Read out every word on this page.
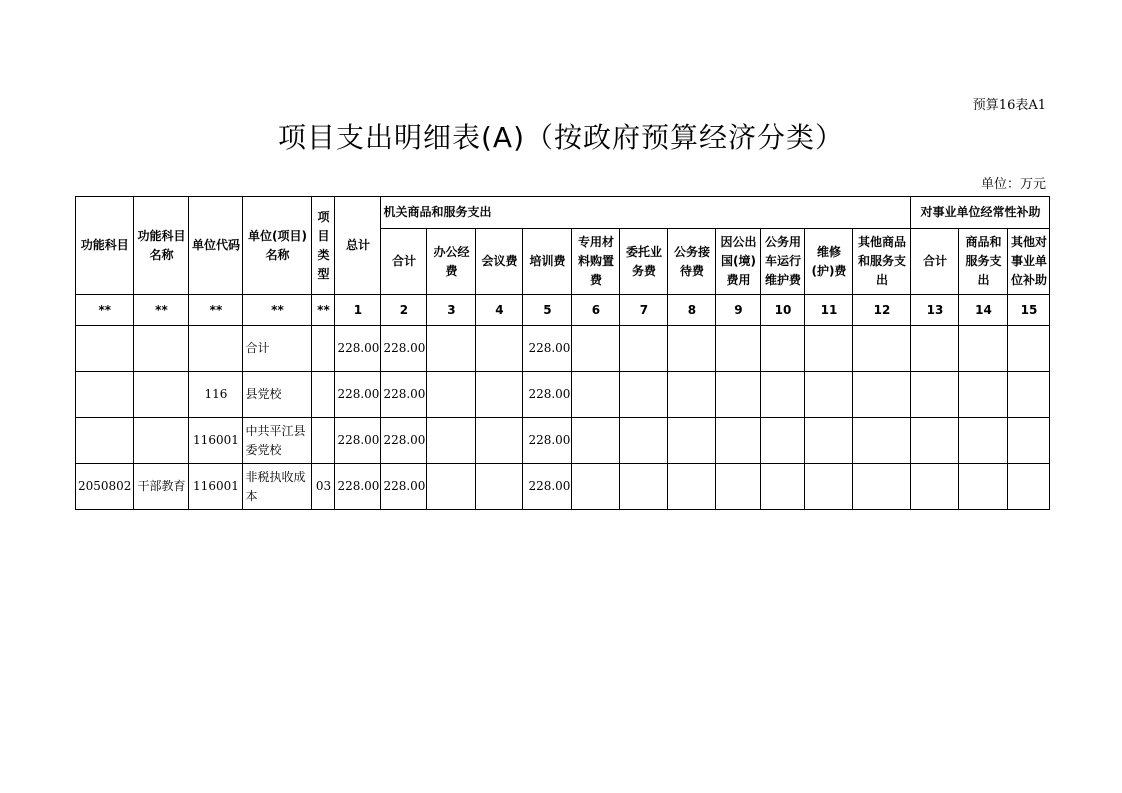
预算16表A1
项目支出明细表(A)（按政府预算经济分类）
单位：万元
功能科目	功能科目名称	单位代码	单位(项目)名称	项目类型	总计	机关商品和服务支出											对事业单位经常性补助		
						合计	办公经费	会议费	培训费	专用材料购置费	委托业务费	公务接待费	因公出国(境)费用	公务用车运行维护费	维修(护)费	其他商品和服务支出	合计	商品和服务支出	其他对事业单位补助
**	**	**	**	**	1	2	3	4	5	6	7	8	9	10	11	12	13	14	15
			合计		228.00	228.00			228.00										
		116	县党校		228.00	228.00			228.00										
		116001	中共平江县委党校		228.00	228.00			228.00										
2050802	干部教育	116001	非税执收成本	03	228.00	228.00			228.00										
